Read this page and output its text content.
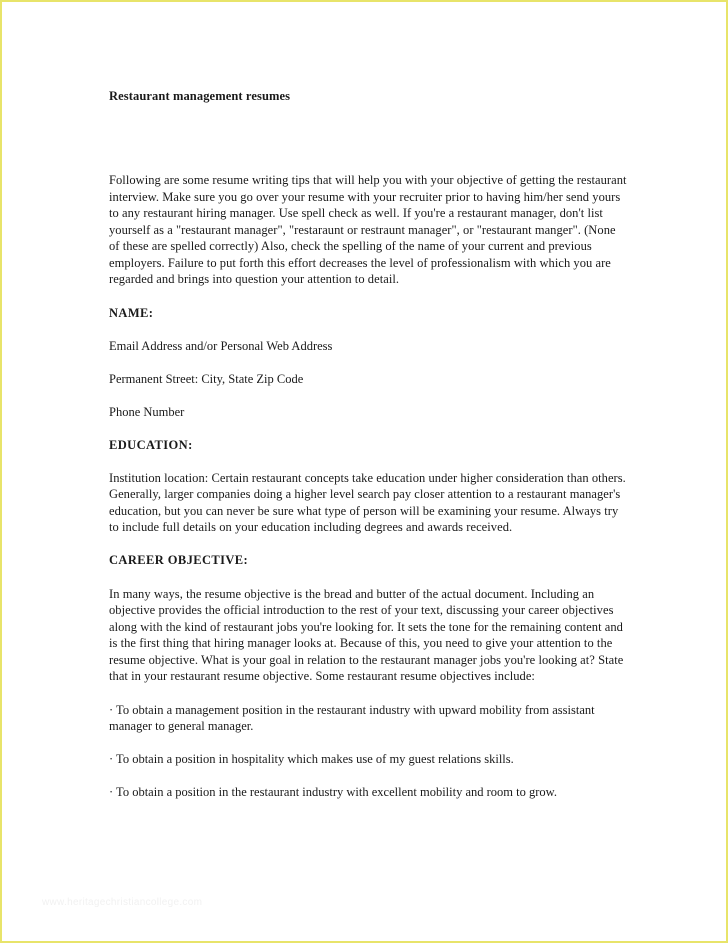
Restaurant management resumes

Following are some resume writing tips that will help you with your objective of getting the restaurant interview. Make sure you go over your resume with your recruiter prior to having him/her send yours to any restaurant hiring manager. Use spell check as well. If you're a restaurant manager, don't list yourself as a "restaurant manager", "restaraunt or restraunt manager", or "restaurant manger". (None of these are spelled correctly) Also, check the spelling of the name of your current and previous employers. Failure to put forth this effort decreases the level of professionalism with which you are regarded and brings into question your attention to detail.

NAME:

Email Address and/or Personal Web Address

Permanent Street: City, State Zip Code

Phone Number

EDUCATION:

Institution location: Certain restaurant concepts take education under higher consideration than others. Generally, larger companies doing a higher level search pay closer attention to a restaurant manager's education, but you can never be sure what type of person will be examining your resume. Always try to include full details on your education including degrees and awards received.

CAREER OBJECTIVE:

In many ways, the resume objective is the bread and butter of the actual document. Including an objective provides the official introduction to the rest of your text, discussing your career objectives along with the kind of restaurant jobs you're looking for. It sets the tone for the remaining content and is the first thing that hiring manager looks at. Because of this, you need to give your attention to the resume objective. What is your goal in relation to the restaurant manager jobs you're looking at? State that in your restaurant resume objective. Some restaurant resume objectives include:

· To obtain a management position in the restaurant industry with upward mobility from assistant manager to general manager.

· To obtain a position in hospitality which makes use of my guest relations skills.

· To obtain a position in the restaurant industry with excellent mobility and room to grow.

www.heritagechristiancollege.com
